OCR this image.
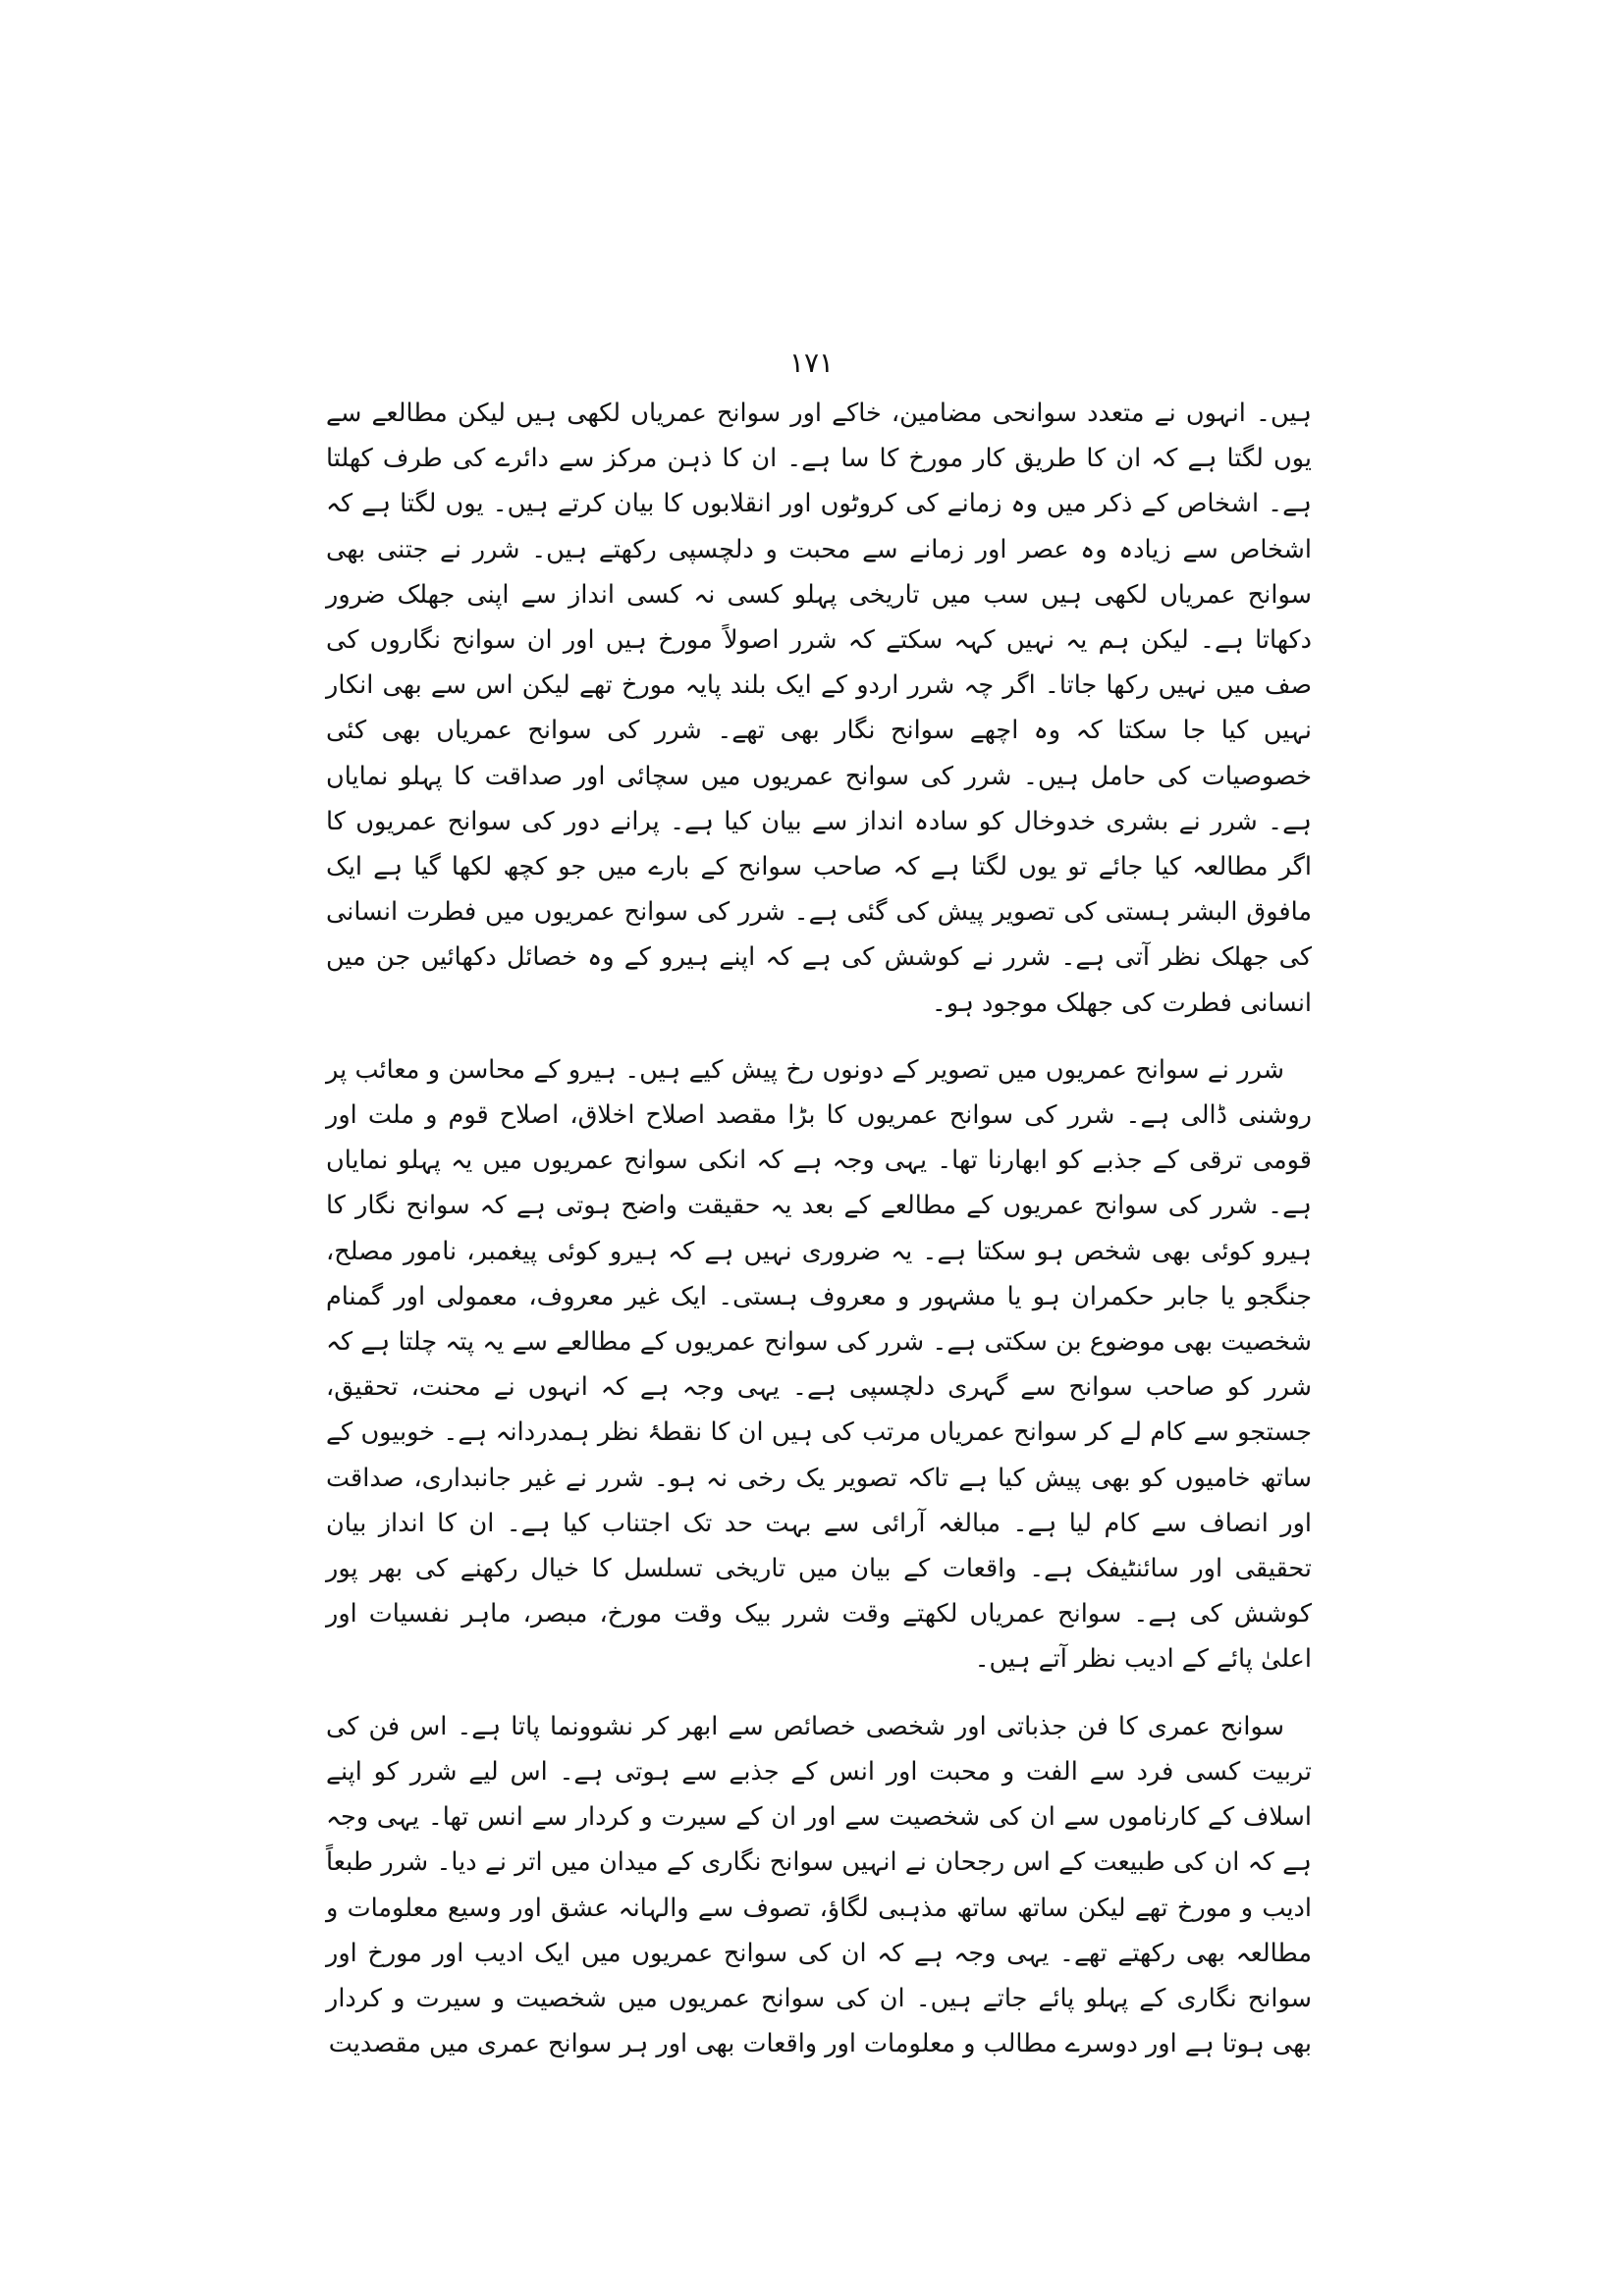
۱۷۱

ہیں۔ انہوں نے متعدد سوانحی مضامین، خاکے اور سوانح عمریاں لکھی ہیں لیکن مطالعے سے یوں لگتا ہے کہ ان کا طریق کار مورخ کا سا ہے۔ ان کا ذہن مرکز سے دائرے کی طرف کھلتا ہے۔ اشخاص کے ذکر میں وہ زمانے کی کروٹوں اور انقلابوں کا بیان کرتے ہیں۔ یوں لگتا ہے کہ اشخاص سے زیادہ وہ عصر اور زمانے سے محبت و دلچسپی رکھتے ہیں۔ شرر نے جتنی بھی سوانح عمریاں لکھی ہیں سب میں تاریخی پہلو کسی نہ کسی انداز سے اپنی جھلک ضرور دکھاتا ہے۔ لیکن ہم یہ نہیں کہہ سکتے کہ شرر اصولاً مورخ ہیں اور ان سوانح نگاروں کی صف میں نہیں رکھا جاتا۔ اگر چہ شرر اردو کے ایک بلند پایہ مورخ تھے لیکن اس سے بھی انکار نہیں کیا جا سکتا کہ وہ اچھے سوانح نگار بھی تھے۔ شرر کی سوانح عمریاں بھی کئی خصوصیات کی حامل ہیں۔ شرر کی سوانح عمریوں میں سچائی اور صداقت کا پہلو نمایاں ہے۔ شرر نے بشری خدوخال کو سادہ انداز سے بیان کیا ہے۔ پرانے دور کی سوانح عمریوں کا اگر مطالعہ کیا جائے تو یوں لگتا ہے کہ صاحب سوانح کے بارے میں جو کچھ لکھا گیا ہے ایک مافوق البشر ہستی کی تصویر پیش کی گئی ہے۔ شرر کی سوانح عمریوں میں فطرت انسانی کی جھلک نظر آتی ہے۔ شرر نے کوشش کی ہے کہ اپنے ہیرو کے وہ خصائل دکھائیں جن میں انسانی فطرت کی جھلک موجود ہو۔

شرر نے سوانح عمریوں میں تصویر کے دونوں رخ پیش کیے ہیں۔ ہیرو کے محاسن و معائب پر روشنی ڈالی ہے۔ شرر کی سوانح عمریوں کا بڑا مقصد اصلاح اخلاق، اصلاح قوم و ملت اور قومی ترقی کے جذبے کو ابھارنا تھا۔ یہی وجہ ہے کہ انکی سوانح عمریوں میں یہ پہلو نمایاں ہے۔ شرر کی سوانح عمریوں کے مطالعے کے بعد یہ حقیقت واضح ہوتی ہے کہ سوانح نگار کا ہیرو کوئی بھی شخص ہو سکتا ہے۔ یہ ضروری نہیں ہے کہ ہیرو کوئی پیغمبر، نامور مصلح، جنگجو یا جابر حکمران ہو یا مشہور و معروف ہستی۔ ایک غیر معروف، معمولی اور گمنام شخصیت بھی موضوع بن سکتی ہے۔ شرر کی سوانح عمریوں کے مطالعے سے یہ پتہ چلتا ہے کہ شرر کو صاحب سوانح سے گہری دلچسپی ہے۔ یہی وجہ ہے کہ انہوں نے محنت، تحقیق، جستجو سے کام لے کر سوانح عمریاں مرتب کی ہیں ان کا نقطۂ نظر ہمدردانہ ہے۔ خوبیوں کے ساتھ خامیوں کو بھی پیش کیا ہے تاکہ تصویر یک رخی نہ ہو۔ شرر نے غیر جانبداری، صداقت اور انصاف سے کام لیا ہے۔ مبالغہ آرائی سے بہت حد تک اجتناب کیا ہے۔ ان کا انداز بیان تحقیقی اور سائنٹیفک ہے۔ واقعات کے بیان میں تاریخی تسلسل کا خیال رکھنے کی بھر پور کوشش کی ہے۔ سوانح عمریاں لکھتے وقت شرر بیک وقت مورخ، مبصر، ماہر نفسیات اور اعلیٰ پائے کے ادیب نظر آتے ہیں۔

سوانح عمری کا فن جذباتی اور شخصی خصائص سے ابھر کر نشوونما پاتا ہے۔ اس فن کی تربیت کسی فرد سے الفت و محبت اور انس کے جذبے سے ہوتی ہے۔ اس لیے شرر کو اپنے اسلاف کے کارناموں سے ان کی شخصیت سے اور ان کے سیرت و کردار سے انس تھا۔ یہی وجہ ہے کہ ان کی طبیعت کے اس رجحان نے انہیں سوانح نگاری کے میدان میں اتر نے دیا۔ شرر طبعاً ادیب و مورخ تھے لیکن ساتھ ساتھ مذہبی لگاؤ، تصوف سے والہانہ عشق اور وسیع معلومات و مطالعہ بھی رکھتے تھے۔ یہی وجہ ہے کہ ان کی سوانح عمریوں میں ایک ادیب اور مورخ اور سوانح نگاری کے پہلو پائے جاتے ہیں۔ ان کی سوانح عمریوں میں شخصیت و سیرت و کردار بھی ہوتا ہے اور دوسرے مطالب و معلومات اور واقعات بھی اور ہر سوانح عمری میں مقصدیت
